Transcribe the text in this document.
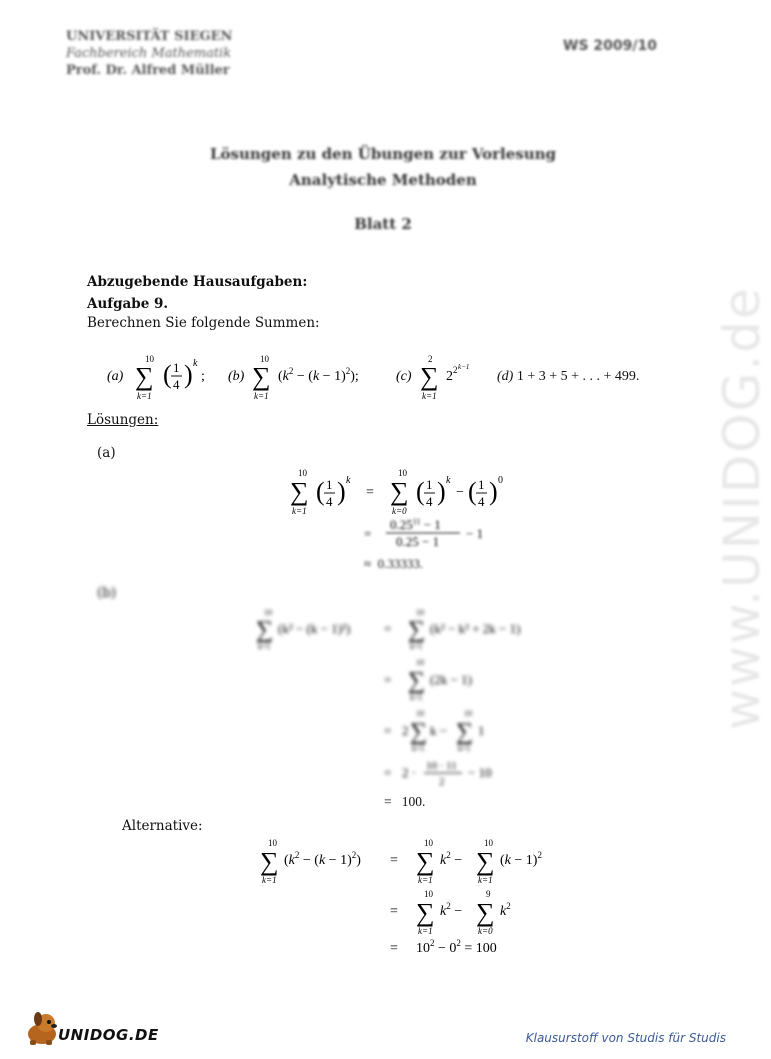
UNIVERSITÄT SIEGEN
Fachbereich Mathematik
Prof. Dr. Alfred Müller
WS 2009/10
Lösungen zu den Übungen zur Vorlesung
Analytische Methoden
Blatt 2
www.UNIDOG.de
Abzugebende Hausaufgaben:
Aufgabe 9.
Berechnen Sie folgende Summen:
(a)
10
∑
k=1
( 1
4 ) k
; (b)
10
∑
k=1
$(k^2 - (k - 1)^2)$;	(c)
2
∑
k=1
2 2 k−1
(d) 1 + 3 + 5 + . . . + 499.
Lösungen:
(a)
10
∑
k=1
( 1
4 ) k
=
10
∑
k=0
( 1
4 ) k
− ( 1
4 ) 0
=
$0.25^{11} - 1$
0.25 − 1
− 1
≈  0.33333.
(b)
10
∑
k=1
(k² − (k − 1)²)	=
10
∑
k=1
(k² − k² + 2k − 1)
=
10
∑
k=1
(2k − 1)
= 2
10
∑
k=1
k −
10
∑
k=1
1
= 2 · 10 · 11
2
− 10
=   100.
Alternative:
10
∑
k=1
$(k^2 - (k - 1)^2)$ =
10
∑
k=1
$k^2$ −
10
∑
k=1
$(k - 1)^2$
=
10
∑
k=1
$k^2$ −
9
∑
k=0
$k^2$
= $10^2 - 0^2 = 100$
UNIDOG.DE	Klausurstoff von Studis für Studis
